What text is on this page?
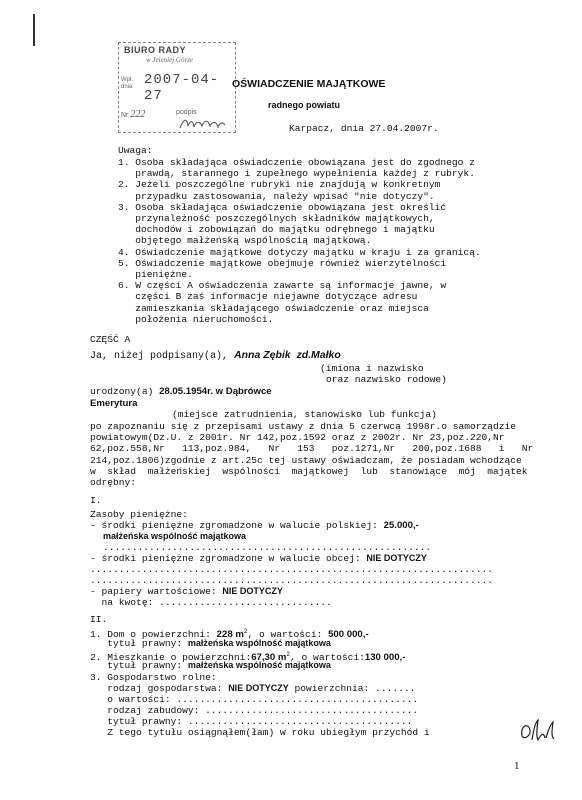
BIURO RADY
w Jeleniej Górze
Wpł.
dnia 2007-04-27
Nr 222	podpis
OŚWIADCZENIE MAJĄTKOWE
radnego powiatu
Karpacz, dnia 27.04.2007r.
Uwaga:
1. Osoba składająca oświadczenie obowiązana jest do zgodnego z
prawdą, starannego i zupełnego wypełnienia każdej z rubryk.
2. Jeżeli poszczególne rubryki nie znajdują w konkretnym
przypadku zastosowania, należy wpisać "nie dotyczy".
3. Osoba składająca oświadczenie obowiązana jest określić
przynależność poszczególnych składników majątkowych,
dochodów i zobowiązań do majątku odrębnego i majątku
objętego małżeńską wspólnością majątkową.
4. Oświadczenie majątkowe dotyczy majątku w kraju i za granicą.
5. Oświadczenie majątkowe obejmuje również wierzytelności
pieniężne.
6. W części A oświadczenia zawarte są informacje jawne, w
części B zaś informacje niejawne dotyczące adresu
zamieszkania składającego oświadczenie oraz miejsca
położenia nieruchomości.
CZĘŚĆ A
Ja, niżej podpisany(a), Anna Zębik  zd.Małko
(imiona i nazwisko
oraz nazwisko rodowe)
urodzony(a) 28.05.1954r. w Dąbrówce
Emerytura
(miejsce zatrudnienia, stanowisko lub funkcja)
po zapoznaniu się z przepisami ustawy z dnia 5 czerwca 1998r.o samorządzie
powiatowym(Dz.U. z 2001r. Nr 142,poz.1592 oraz z 2002r. Nr 23,poz.220,Nr
62,poz.558,Nr   113,poz.984,   Nr   153   poz.1271,Nr   200,poz.1688   i   Nr
214,poz.1806)zgodnie z art.25c tej ustawy oświadczam, że posiadam wchodzące
w  skład  małżeńskiej  wspólności  majątkowej  lub  stanowiące  mój  majątek
odrębny:
I.
Zasoby pieniężne:
- środki pieniężne zgromadzone w walucie polskiej: 25.000,-
małżeńska wspólność majątkowa
.........................................................
- środki pieniężne zgromadzone w walucie obcej: NIE DOTYCZY
......................................................................
......................................................................
- papiery wartościowe: NIE DOTYCZY
na kwotę: ..............................
II.
1. Dom o powierzchni: 228 $m^2$, o wartości: 500 000,-
tytuł prawny: małżeńska wspólność majątkowa
2. Mieszkanie o powierzchni:67,30 $m^2$, o wartości:130 000,-
tytuł prawny: małżeńska wspólność majątkowa
3. Gospodarstwo rolne:
rodzaj gospodarstwa: NIE DOTYCZY powierzchnia: .......
o wartości: ..........................................
rodzaj zabudowy: .....................................
tytuł prawny: .......................................
Z tego tytułu osiągnąłem(łam) w roku ubiegłym przychód i
1
